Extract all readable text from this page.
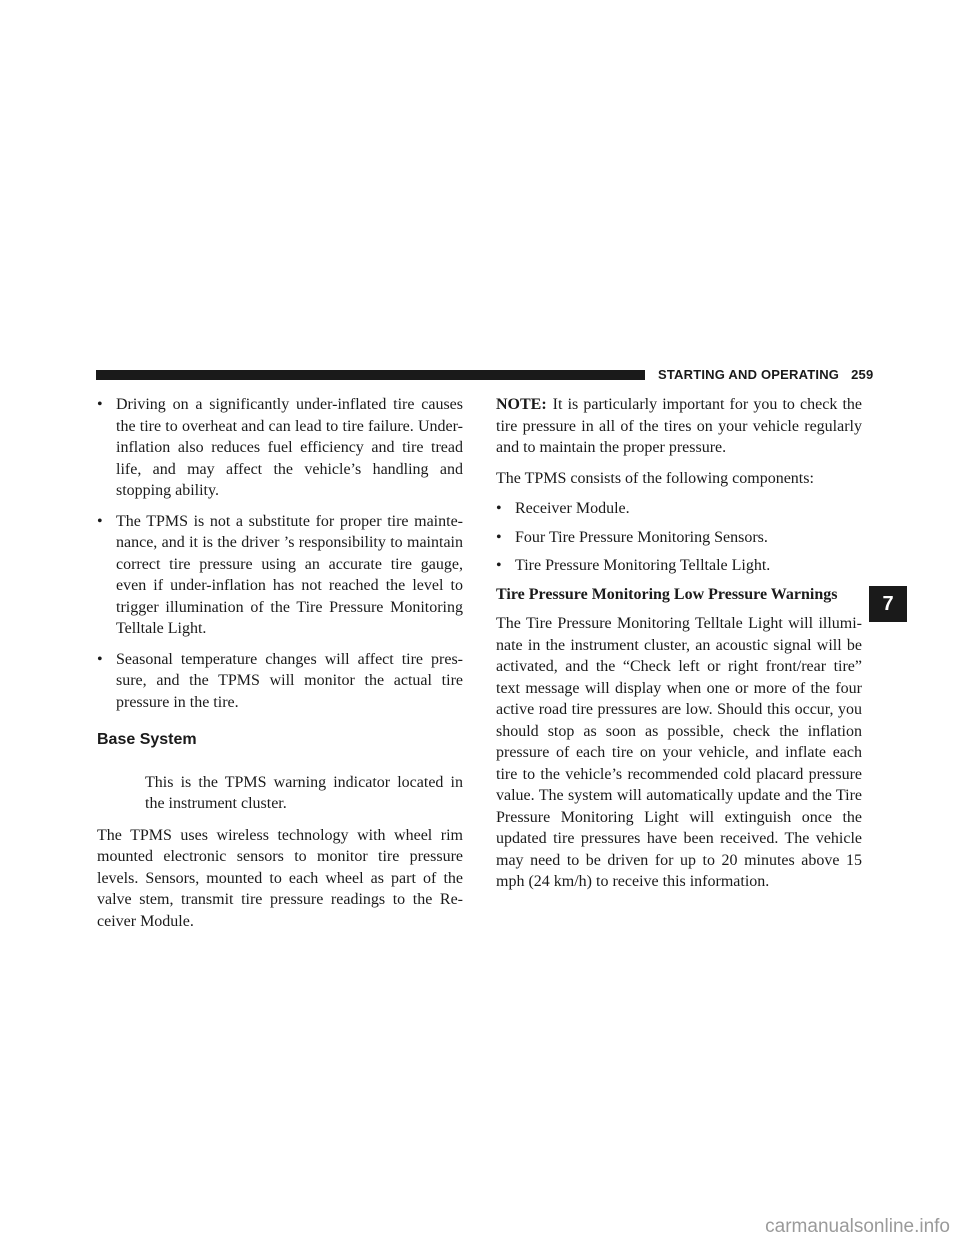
STARTING AND OPERATING 259
• Driving on a significantly under-inflated tire causes the tire to overheat and can lead to tire failure. Under-inflation also reduces fuel efficiency and tire tread life, and may affect the vehicle’s handling and stopping ability.
• The TPMS is not a substitute for proper tire mainte- nance, and it is the driver ’s responsibility to maintain correct tire pressure using an accurate tire gauge, even if under-inflation has not reached the level to trigger illumination of the Tire Pressure Monitoring Telltale Light.
• Seasonal temperature changes will affect tire pres- sure, and the TPMS will monitor the actual tire pressure in the tire.
Base System
This is the TPMS warning indicator located in the instrument cluster.
The TPMS uses wireless technology with wheel rim mounted electronic sensors to monitor tire pressure levels. Sensors, mounted to each wheel as part of the valve stem, transmit tire pressure readings to the Re- ceiver Module.
NOTE: It is particularly important for you to check the tire pressure in all of the tires on your vehicle regularly and to maintain the proper pressure.
The TPMS consists of the following components:
• Receiver Module.
• Four Tire Pressure Monitoring Sensors.
• Tire Pressure Monitoring Telltale Light.
Tire Pressure Monitoring Low Pressure Warnings
The Tire Pressure Monitoring Telltale Light will illumi- nate in the instrument cluster, an acoustic signal will be activated, and the “Check left or right front/rear tire” text message will display when one or more of the four active road tire pressures are low. Should this occur, you should stop as soon as possible, check the inflation pressure of each tire on your vehicle, and inflate each tire to the vehicle’s recommended cold placard pressure value. The system will automatically update and the Tire Pressure Monitoring Light will extinguish once the updated tire pressures have been received. The vehicle may need to be driven for up to 20 minutes above 15 mph (24 km/h) to receive this information.
7
carmanualsonline.info
